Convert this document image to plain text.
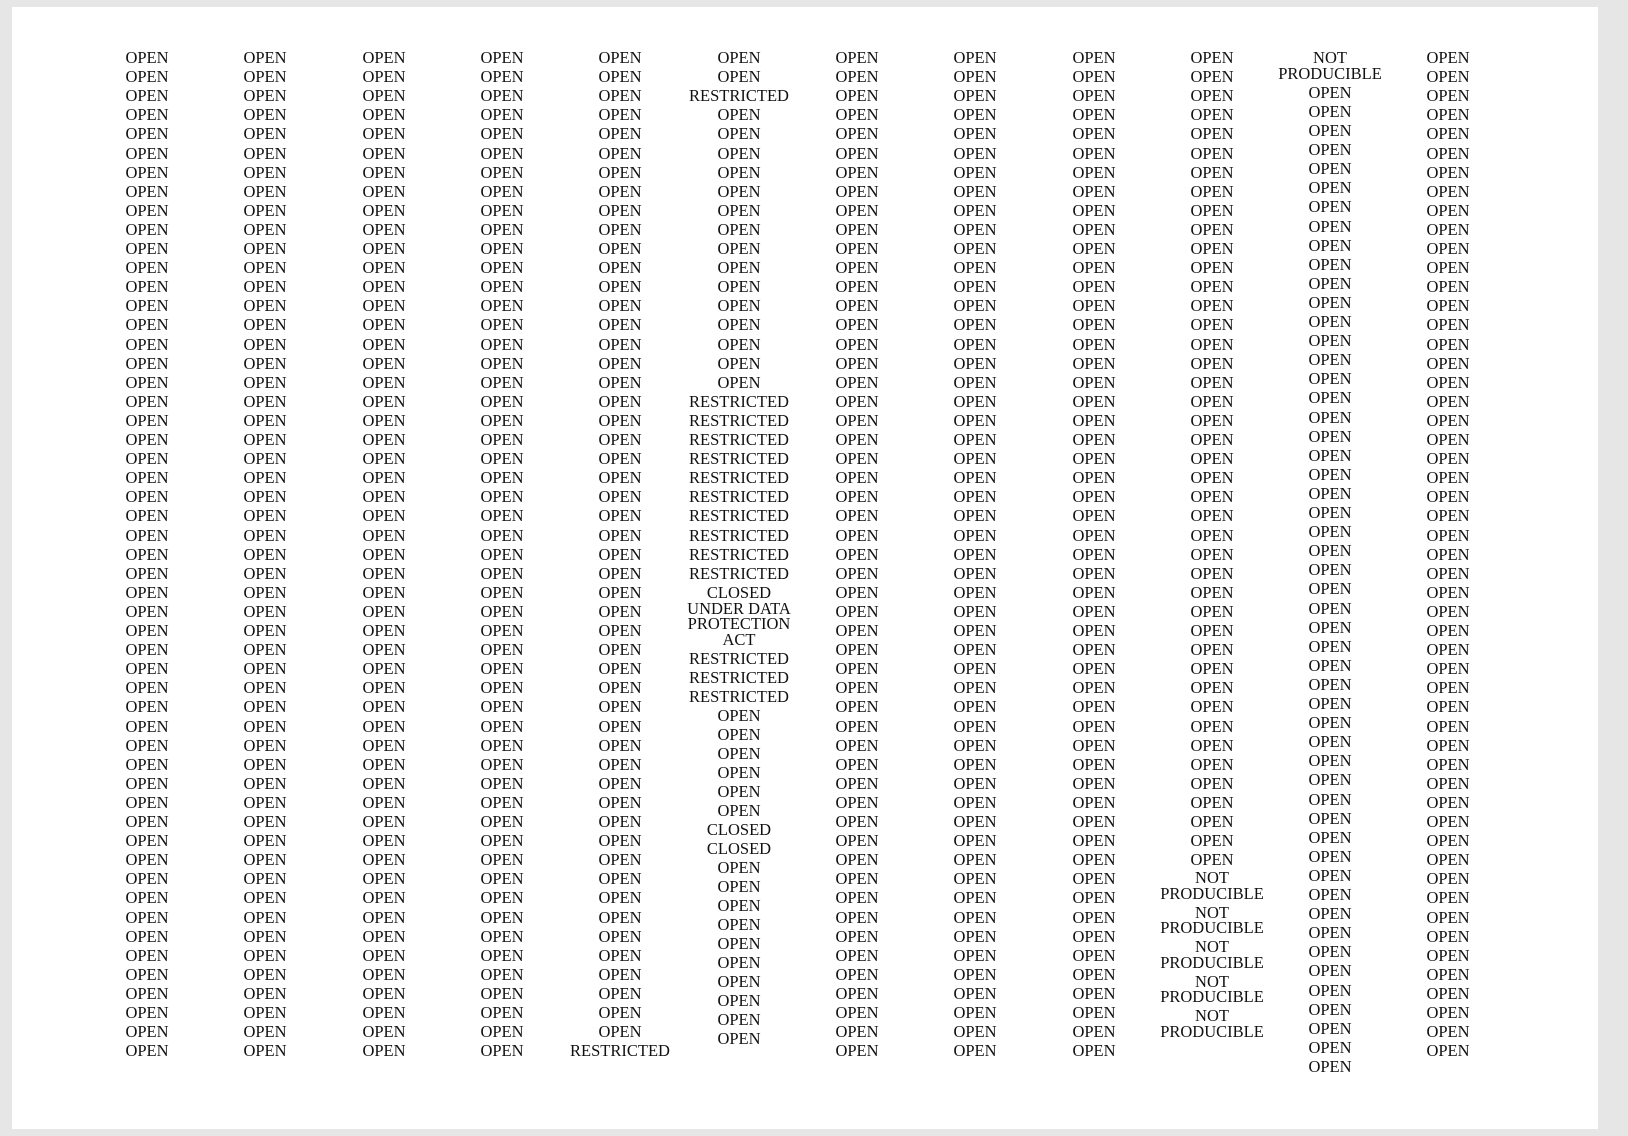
OPEN
OPEN
OPEN
OPEN
OPEN
OPEN
OPEN
OPEN
OPEN
OPEN
OPEN
OPEN
OPEN
OPEN
OPEN
OPEN
OPEN
OPEN
OPEN
OPEN
OPEN
OPEN
OPEN
OPEN
OPEN
OPEN
OPEN
OPEN
OPEN
OPEN
OPEN
OPEN
OPEN
OPEN
OPEN
OPEN
OPEN
OPEN
OPEN
OPEN
OPEN
OPEN
OPEN
OPEN
OPEN
OPEN
OPEN
OPEN
OPEN
OPEN
OPEN
OPEN
OPEN
OPEN
OPEN
OPEN
OPEN
OPEN
OPEN
OPEN
OPEN
OPEN
OPEN
OPEN
OPEN
OPEN
OPEN
OPEN
OPEN
OPEN
OPEN
OPEN
OPEN
OPEN
OPEN
OPEN
OPEN
OPEN
OPEN
OPEN
OPEN
OPEN
OPEN
OPEN
OPEN
OPEN
OPEN
OPEN
OPEN
OPEN
OPEN
OPEN
OPEN
OPEN
OPEN
OPEN
OPEN
OPEN
OPEN
OPEN
OPEN
OPEN
OPEN
OPEN
OPEN
OPEN
OPEN
OPEN
OPEN
OPEN
OPEN
OPEN
OPEN
OPEN
OPEN
OPEN
OPEN
OPEN
OPEN
OPEN
OPEN
OPEN
OPEN
OPEN
OPEN
OPEN
OPEN
OPEN
OPEN
OPEN
OPEN
OPEN
OPEN
OPEN
OPEN
OPEN
OPEN
OPEN
OPEN
OPEN
OPEN
OPEN
OPEN
OPEN
OPEN
OPEN
OPEN
OPEN
OPEN
OPEN
OPEN
OPEN
OPEN
OPEN
OPEN
OPEN
OPEN
OPEN
OPEN
OPEN
OPEN
OPEN
OPEN
OPEN
OPEN
OPEN
OPEN
OPEN
OPEN
OPEN
OPEN
OPEN
OPEN
OPEN
OPEN
OPEN
OPEN
OPEN
OPEN
OPEN
OPEN
OPEN
OPEN
OPEN
OPEN
OPEN
OPEN
OPEN
OPEN
OPEN
OPEN
OPEN
OPEN
OPEN
OPEN
OPEN
OPEN
OPEN
OPEN
OPEN
OPEN
OPEN
OPEN
OPEN
OPEN
OPEN
OPEN
OPEN
OPEN
OPEN
OPEN
OPEN
OPEN
OPEN
OPEN
OPEN
OPEN
OPEN
OPEN
OPEN
OPEN
OPEN
OPEN
OPEN
OPEN
OPEN
OPEN
OPEN
OPEN
OPEN
OPEN
OPEN
OPEN
OPEN
OPEN
OPEN
OPEN
OPEN
OPEN
OPEN
OPEN
OPEN
OPEN
OPEN
OPEN
OPEN
OPEN
OPEN
OPEN
OPEN
OPEN
OPEN
OPEN
OPEN
OPEN
OPEN
OPEN
OPEN
OPEN
OPEN
OPEN
OPEN
OPEN
OPEN
RESTRICTED
OPEN
OPEN
RESTRICTED
OPEN
OPEN
OPEN
OPEN
OPEN
OPEN
OPEN
OPEN
OPEN
OPEN
OPEN
OPEN
OPEN
OPEN
OPEN
RESTRICTED
RESTRICTED
RESTRICTED
RESTRICTED
RESTRICTED
RESTRICTED
RESTRICTED
RESTRICTED
RESTRICTED
RESTRICTED
CLOSED
UNDER DATA
PROTECTION
ACT
RESTRICTED
RESTRICTED
RESTRICTED
OPEN
OPEN
OPEN
OPEN
OPEN
OPEN
CLOSED
CLOSED
OPEN
OPEN
OPEN
OPEN
OPEN
OPEN
OPEN
OPEN
OPEN
OPEN
OPEN
OPEN
OPEN
OPEN
OPEN
OPEN
OPEN
OPEN
OPEN
OPEN
OPEN
OPEN
OPEN
OPEN
OPEN
OPEN
OPEN
OPEN
OPEN
OPEN
OPEN
OPEN
OPEN
OPEN
OPEN
OPEN
OPEN
OPEN
OPEN
OPEN
OPEN
OPEN
OPEN
OPEN
OPEN
OPEN
OPEN
OPEN
OPEN
OPEN
OPEN
OPEN
OPEN
OPEN
OPEN
OPEN
OPEN
OPEN
OPEN
OPEN
OPEN
OPEN
OPEN
OPEN
OPEN
OPEN
OPEN
OPEN
OPEN
OPEN
OPEN
OPEN
OPEN
OPEN
OPEN
OPEN
OPEN
OPEN
OPEN
OPEN
OPEN
OPEN
OPEN
OPEN
OPEN
OPEN
OPEN
OPEN
OPEN
OPEN
OPEN
OPEN
OPEN
OPEN
OPEN
OPEN
OPEN
OPEN
OPEN
OPEN
OPEN
OPEN
OPEN
OPEN
OPEN
OPEN
OPEN
OPEN
OPEN
OPEN
OPEN
OPEN
OPEN
OPEN
OPEN
OPEN
OPEN
OPEN
OPEN
OPEN
OPEN
OPEN
OPEN
OPEN
OPEN
OPEN
OPEN
OPEN
OPEN
OPEN
OPEN
OPEN
OPEN
OPEN
OPEN
OPEN
OPEN
OPEN
OPEN
OPEN
OPEN
OPEN
OPEN
OPEN
OPEN
OPEN
OPEN
OPEN
OPEN
OPEN
OPEN
OPEN
OPEN
OPEN
OPEN
OPEN
OPEN
OPEN
OPEN
OPEN
OPEN
OPEN
OPEN
OPEN
OPEN
OPEN
OPEN
OPEN
OPEN
OPEN
OPEN
OPEN
OPEN
OPEN
OPEN
OPEN
OPEN
OPEN
OPEN
OPEN
OPEN
OPEN
OPEN
OPEN
OPEN
OPEN
OPEN
OPEN
OPEN
OPEN
OPEN
OPEN
OPEN
OPEN
OPEN
OPEN
OPEN
OPEN
OPEN
OPEN
OPEN
OPEN
OPEN
OPEN
OPEN
OPEN
OPEN
OPEN
OPEN
OPEN
OPEN
OPEN
NOT
PRODUCIBLE
NOT
PRODUCIBLE
NOT
PRODUCIBLE
NOT
PRODUCIBLE
NOT
PRODUCIBLE
NOT
PRODUCIBLE
OPEN
OPEN
OPEN
OPEN
OPEN
OPEN
OPEN
OPEN
OPEN
OPEN
OPEN
OPEN
OPEN
OPEN
OPEN
OPEN
OPEN
OPEN
OPEN
OPEN
OPEN
OPEN
OPEN
OPEN
OPEN
OPEN
OPEN
OPEN
OPEN
OPEN
OPEN
OPEN
OPEN
OPEN
OPEN
OPEN
OPEN
OPEN
OPEN
OPEN
OPEN
OPEN
OPEN
OPEN
OPEN
OPEN
OPEN
OPEN
OPEN
OPEN
OPEN
OPEN
OPEN
OPEN
OPEN
OPEN
OPEN
OPEN
OPEN
OPEN
OPEN
OPEN
OPEN
OPEN
OPEN
OPEN
OPEN
OPEN
OPEN
OPEN
OPEN
OPEN
OPEN
OPEN
OPEN
OPEN
OPEN
OPEN
OPEN
OPEN
OPEN
OPEN
OPEN
OPEN
OPEN
OPEN
OPEN
OPEN
OPEN
OPEN
OPEN
OPEN
OPEN
OPEN
OPEN
OPEN
OPEN
OPEN
OPEN
OPEN
OPEN
OPEN
OPEN
OPEN
OPEN
